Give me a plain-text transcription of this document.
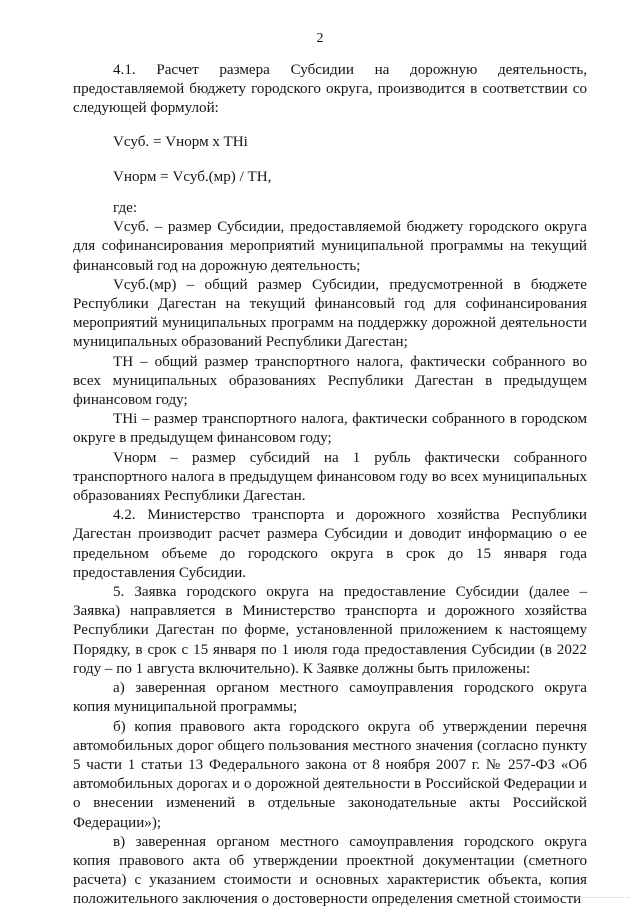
2

4.1. Расчет размера Субсидии на дорожную деятельность, предоставляемой бюджету городского округа, производится в соответствии со следующей формулой:

Vсуб. = Vнорм x THi

Vнорм = Vсуб.(мр) / ТН,

где:

Vсуб. – размер Субсидии, предоставляемой бюджету городского округа для софинансирования мероприятий муниципальной программы на текущий финансовый год на дорожную деятельность;

Vсуб.(мр) – общий размер Субсидии, предусмотренной в бюджете Республики Дагестан на текущий финансовый год для софинансирования мероприятий муниципальных программ на поддержку дорожной деятельности муниципальных образований Республики Дагестан;

ТН – общий размер транспортного налога, фактически собранного во всех муниципальных образованиях Республики Дагестан в предыдущем финансовом году;

ТНi – размер транспортного налога, фактически собранного в городском округе в предыдущем финансовом году;

Vнорм – размер субсидий на 1 рубль фактически собранного транспортного налога в предыдущем финансовом году во всех муниципальных образованиях Республики Дагестан.

4.2. Министерство транспорта и дорожного хозяйства Республики Дагестан производит расчет размера Субсидии и доводит информацию о ее предельном объеме до городского округа в срок до 15 января года предоставления Субсидии.

5. Заявка городского округа на предоставление Субсидии (далее – Заявка) направляется в Министерство транспорта и дорожного хозяйства Республики Дагестан по форме, установленной приложением к настоящему Порядку, в срок с 15 января по 1 июля года предоставления Субсидии (в 2022 году – по 1 августа включительно). К Заявке должны быть приложены:

а) заверенная органом местного самоуправления городского округа копия муниципальной программы;

б) копия правового акта городского округа об утверждении перечня автомобильных дорог общего пользования местного значения (согласно пункту 5 части 1 статьи 13 Федерального закона от 8 ноября 2007 г. № 257-ФЗ «Об автомобильных дорогах и о дорожной деятельности в Российской Федерации и о внесении изменений в отдельные законодательные акты Российской Федерации»);

в) заверенная органом местного самоуправления городского округа копия правового акта об утверждении проектной документации (сметного расчета) с указанием стоимости и основных характеристик объекта, копия положительного заключения о достоверности определения сметной стоимости
